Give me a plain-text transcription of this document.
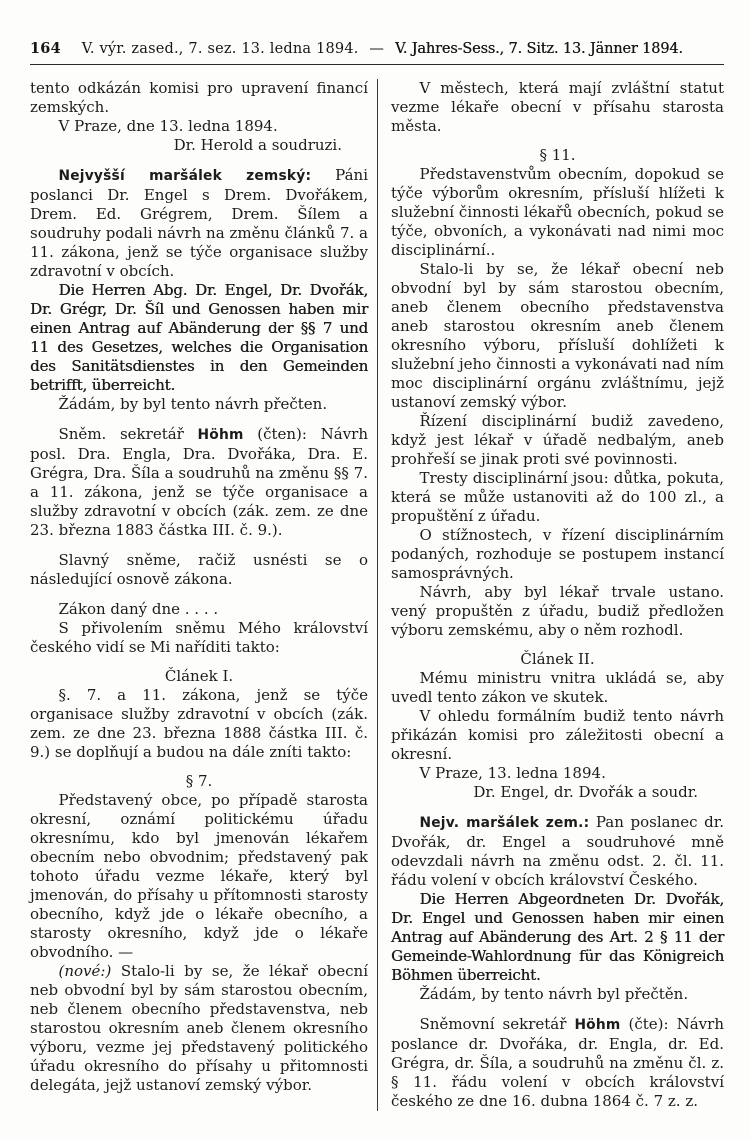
164 V. výr. zased., 7. sez. 13. ledna 1894. — V. Jahres-Sess., 7. Sitz. 13. Jänner 1894.

tento odkázán komisi pro upravení financí zemských.

V Praze, dne 13. ledna 1894.

Dr. Herold a soudruzi.

Nejvyšší maršálek zemský: Páni poslanci Dr. Engel s Drem. Dvořákem, Drem. Ed. Grégrem, Drem. Šílem a soudruhy podali návrh na změnu článků 7. a 11. zákona, jenž se týče organisace služby zdravotní v obcích.

Die Herren Abg. Dr. Engel, Dr. Dvořák, Dr. Grégr, Dr. Šíl und Genossen haben mir einen Antrag auf Abänderung der §§ 7 und 11 des Gesetzes, welches die Organisation des Sanitätsdienstes in den Gemeinden betrifft, überreicht.

Žádám, by byl tento návrh přečten.

Sněm. sekretář Höhm (čten): Návrh posl. Dra. Engla, Dra. Dvořáka, Dra. E. Grégra, Dra. Šíla a soudruhů na změnu §§ 7. a 11. zákona, jenž se týče organisace a služby zdravotní v obcích (zák. zem. ze dne 23. března 1883 částka III. č. 9.).

Slavný sněme, račiž usnésti se o následující osnově zákona.

Zákon daný dne . . . .

S přivolením sněmu Mého království českého vidí se Mi naříditi takto:

Článek I.

§. 7. a 11. zákona, jenž se týče organisace služby zdravotní v obcích (zák. zem. ze dne 23. března 1888 částka III. č. 9.) se doplňují a budou na dále zníti takto:

§ 7.

Představený obce, po případě starosta okresní, oznámí politickému úřadu okresnímu, kdo byl jmenován lékařem obecním nebo obvodnim; představený pak tohoto úřadu vezme lékaře, který byl jmenován, do přísahy u přítomnosti starosty obecního, když jde o lékaře obecního, a starosty okresního, když jde o lékaře obvodního. —

(nové:) Stalo-li by se, že lékař obecní neb obvodní byl by sám starostou obecním, neb členem obecního představenstva, neb starostou okresním aneb členem okresního výboru, vezme jej představený politického úřadu okresního do přísahy u přitomnosti delegáta, jejž ustanoví zemský výbor.

V městech, která mají zvláštní statut vezme lékaře obecní v přísahu starosta města.

§ 11.

Představenstvům obecním, dopokud se týče výborům okresním, přísluší hlížeti k služební činnosti lékařů obecních, pokud se týče, obvoních, a vykonávati nad nimi moc disciplinární..

Stalo-li by se, že lékař obecní neb obvodní byl by sám starostou obecním, aneb členem obecního představenstva aneb starostou okresním aneb členem okresního výboru, přísluší dohlížeti k služební jeho činnosti a vykonávati nad ním moc disciplinární orgánu zvláštnímu, jejž ustanoví zemský výbor.

Řízení disciplinární budiž zavedeno, když jest lékař v úřadě nedbalým, aneb prohřeší se jinak proti své povinnosti.

Tresty disciplinární jsou: důtka, pokuta, která se může ustanoviti až do 100 zl., a propuštění z úřadu.

O stížnostech, v řízení disciplinárním podaných, rozhoduje se postupem instancí samosprávných.

Návrh, aby byl lékař trvale ustano. vený propuštěn z úřadu, budiž předložen výboru zemskému, aby o něm rozhodl.

Článek II.

Mému ministru vnitra ukládá se, aby uvedl tento zákon ve skutek.

V ohledu formálním budiž tento návrh přikázán komisi pro záležitosti obecní a okresní.

V Praze, 13. ledna 1894.

Dr. Engel, dr. Dvořák a soudr.

Nejv. maršálek zem.: Pan poslanec dr. Dvořák, dr. Engel a soudruhové mně odevzdali návrh na změnu odst. 2. čl. 11. řádu volení v obcích království Českého.

Die Herren Abgeordneten Dr. Dvořák, Dr. Engel und Genossen haben mir einen Antrag auf Abänderung des Art. 2 § 11 der Gemeinde-Wahlordnung für das Königreich Böhmen überreicht.

Žádám, by tento návrh byl přečtěn.

Sněmovní sekretář Höhm (čte): Návrh poslance dr. Dvořáka, dr. Engla, dr. Ed. Grégra, dr. Šíla, a soudruhů na změnu čl. z. § 11. řádu volení v obcích království českého ze dne 16. dubna 1864 č. 7 z. z.
